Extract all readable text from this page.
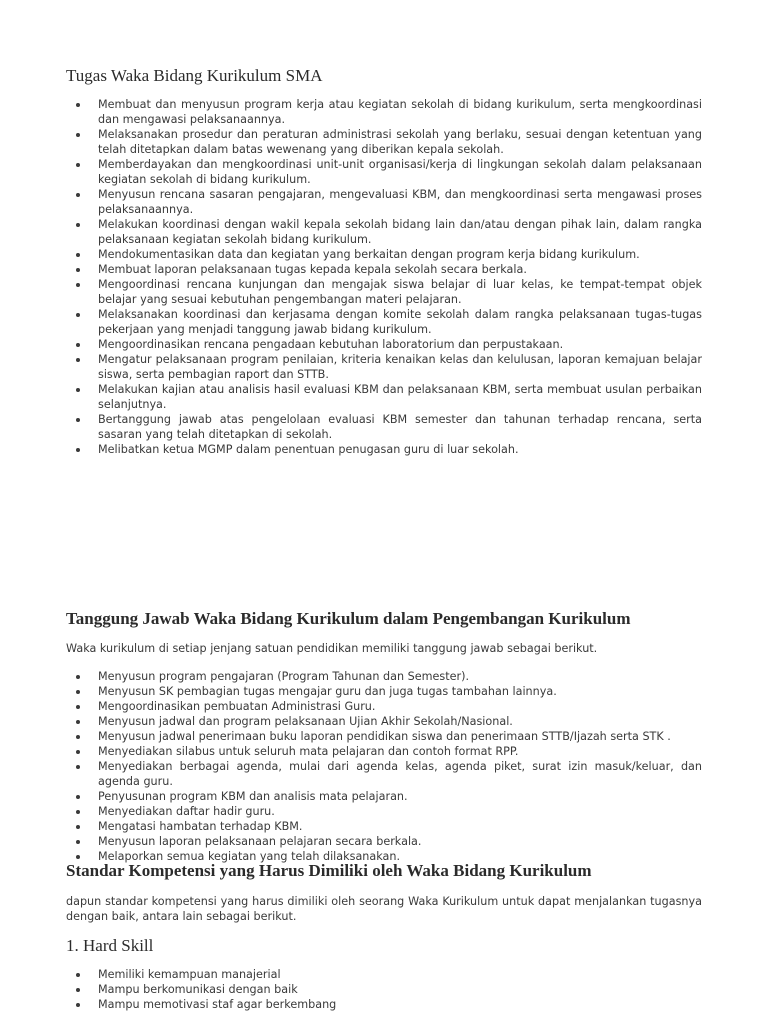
Tugas Waka Bidang Kurikulum SMA
Membuat dan menyusun program kerja atau kegiatan sekolah di bidang kurikulum, serta mengkoordinasi dan mengawasi pelaksanaannya.
Melaksanakan prosedur dan peraturan administrasi sekolah yang berlaku, sesuai dengan ketentuan yang telah ditetapkan dalam batas wewenang yang diberikan kepala sekolah.
Memberdayakan dan mengkoordinasi unit-unit organisasi/kerja di lingkungan sekolah dalam pelaksanaan kegiatan sekolah di bidang kurikulum.
Menyusun rencana sasaran pengajaran, mengevaluasi KBM, dan mengkoordinasi serta mengawasi proses pelaksanaannya.
Melakukan koordinasi dengan wakil kepala sekolah bidang lain dan/atau dengan pihak lain, dalam rangka pelaksanaan kegiatan sekolah bidang kurikulum.
Mendokumentasikan data dan kegiatan yang berkaitan dengan program kerja bidang kurikulum.
Membuat laporan pelaksanaan tugas kepada kepala sekolah secara berkala.
Mengoordinasi rencana kunjungan dan mengajak siswa belajar di luar kelas, ke tempat-tempat objek belajar yang sesuai kebutuhan pengembangan materi pelajaran.
Melaksanakan koordinasi dan kerjasama dengan komite sekolah dalam rangka pelaksanaan tugas-tugas pekerjaan yang menjadi tanggung jawab bidang kurikulum.
Mengoordinasikan rencana pengadaan kebutuhan laboratorium dan perpustakaan.
Mengatur pelaksanaan program penilaian, kriteria kenaikan kelas dan kelulusan, laporan kemajuan belajar siswa, serta pembagian raport dan STTB.
Melakukan kajian atau analisis hasil evaluasi KBM dan pelaksanaan KBM, serta membuat usulan perbaikan selanjutnya.
Bertanggung jawab atas pengelolaan evaluasi KBM semester dan tahunan terhadap rencana, serta sasaran yang telah ditetapkan di sekolah.
Melibatkan ketua MGMP dalam penentuan penugasan guru di luar sekolah.
Tanggung Jawab Waka Bidang Kurikulum dalam Pengembangan Kurikulum

Waka kurikulum di setiap jenjang satuan pendidikan memiliki tanggung jawab sebagai berikut.

Menyusun program pengajaran (Program Tahunan dan Semester).
Menyusun SK pembagian tugas mengajar guru dan juga tugas tambahan lainnya.
Mengoordinasikan pembuatan Administrasi Guru.
Menyusun jadwal dan program pelaksanaan Ujian Akhir Sekolah/Nasional.
Menyusun jadwal penerimaan buku laporan pendidikan siswa dan penerimaan STTB/Ijazah serta STK .
Menyediakan silabus untuk seluruh mata pelajaran dan contoh format RPP.
Menyediakan berbagai agenda, mulai dari agenda kelas, agenda piket, surat izin masuk/keluar, dan agenda guru.
Penyusunan program KBM dan analisis mata pelajaran.
Menyediakan daftar hadir guru.
Mengatasi hambatan terhadap KBM.
Menyusun laporan pelaksanaan pelajaran secara berkala.
Melaporkan semua kegiatan yang telah dilaksanakan.
Standar Kompetensi yang Harus Dimiliki oleh Waka Bidang Kurikulum

dapun standar kompetensi yang harus dimiliki oleh seorang Waka Kurikulum untuk dapat menjalankan tugasnya dengan baik, antara lain sebagai berikut.

1. Hard Skill
Memiliki kemampuan manajerial
Mampu berkomunikasi dengan baik
Mampu memotivasi staf agar berkembang
